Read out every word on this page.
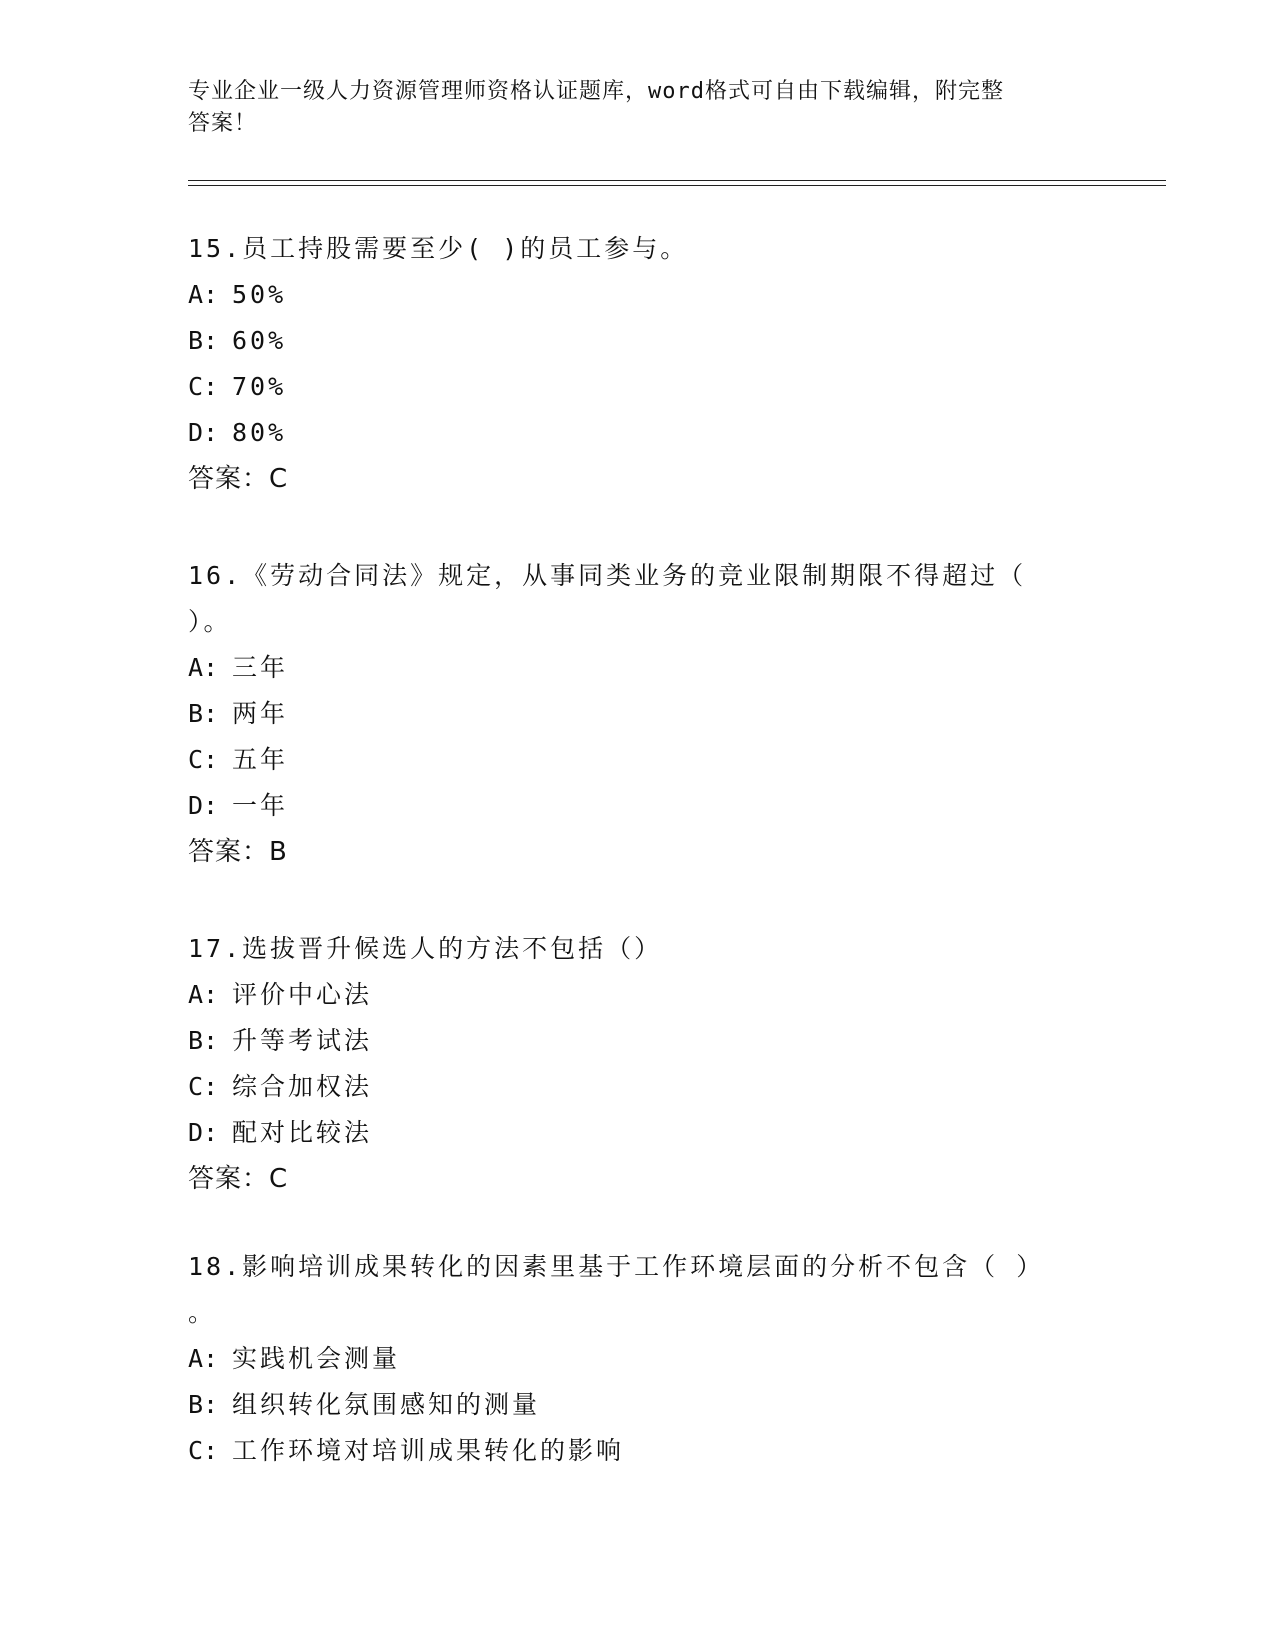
专业企业一级人力资源管理师资格认证题库，word格式可自由下载编辑，附完整
答案！

15.员工持股需要至少( )的员工参与。

A: 50%

B: 60%

C: 70%

D: 80%

答案：C

16.《劳动合同法》规定，从事同类业务的竞业限制期限不得超过（

）。

A: 三年

B: 两年

C: 五年

D: 一年

答案：B

17.选拔晋升候选人的方法不包括（）

A: 评价中心法

B: 升等考试法

C: 综合加权法

D: 配对比较法

答案：C

18.影响培训成果转化的因素里基于工作环境层面的分析不包含（ ）

。

A: 实践机会测量

B: 组织转化氛围感知的测量

C: 工作环境对培训成果转化的影响
